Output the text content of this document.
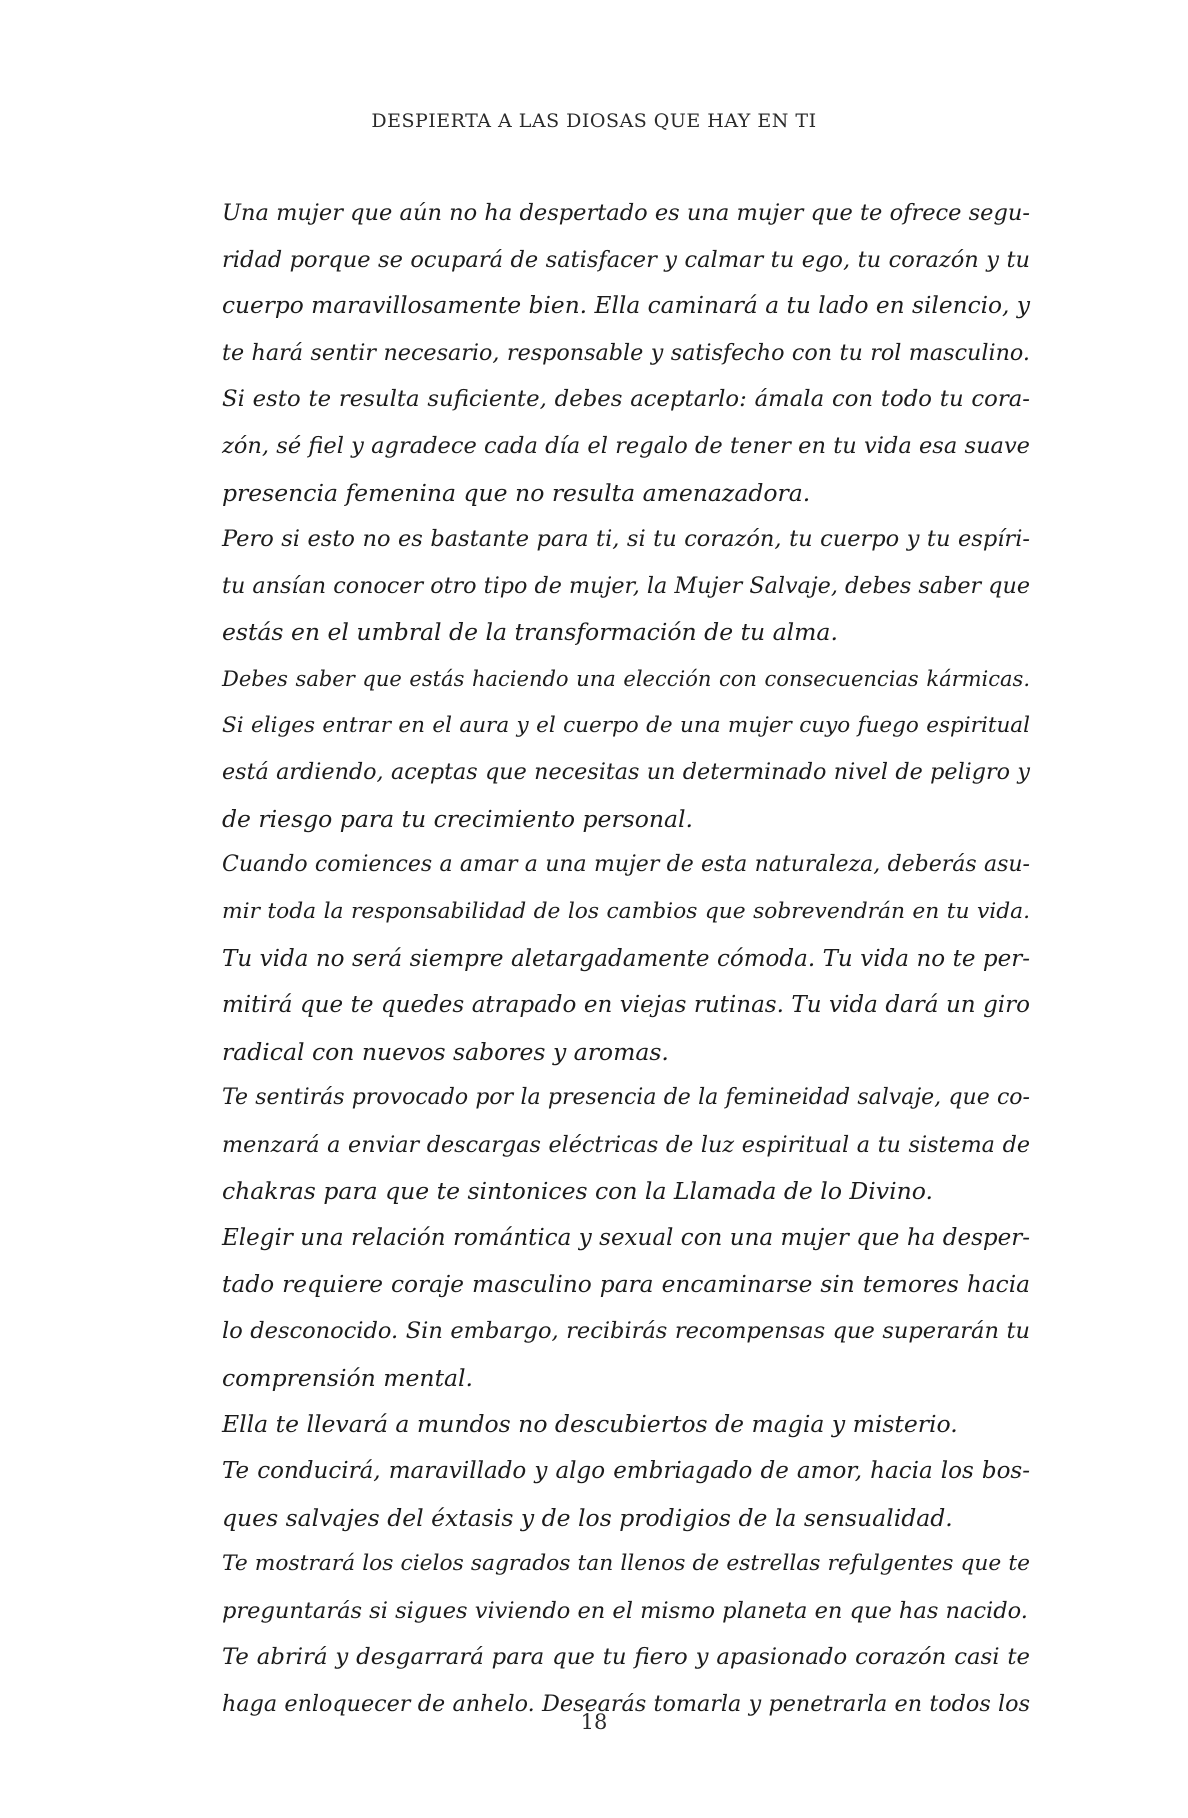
DESPIERTA A LAS DIOSAS QUE HAY EN TI
Una mujer que aún no ha despertado es una mujer que te ofrece segu-
ridad porque se ocupará de satisfacer y calmar tu ego, tu corazón y tu
cuerpo maravillosamente bien. Ella caminará a tu lado en silencio, y
te hará sentir necesario, responsable y satisfecho con tu rol masculino.
Si esto te resulta suficiente, debes aceptarlo: ámala con todo tu cora-
zón, sé fiel y agradece cada día el regalo de tener en tu vida esa suave
presencia femenina que no resulta amenazadora.
Pero si esto no es bastante para ti, si tu corazón, tu cuerpo y tu espíri-
tu ansían conocer otro tipo de mujer, la Mujer Salvaje, debes saber que
estás en el umbral de la transformación de tu alma.
Debes saber que estás haciendo una elección con consecuencias kármicas.
Si eliges entrar en el aura y el cuerpo de una mujer cuyo fuego espiritual
está ardiendo, aceptas que necesitas un determinado nivel de peligro y
de riesgo para tu crecimiento personal.
Cuando comiences a amar a una mujer de esta naturaleza, deberás asu-
mir toda la responsabilidad de los cambios que sobrevendrán en tu vida.
Tu vida no será siempre aletargadamente cómoda. Tu vida no te per-
mitirá que te quedes atrapado en viejas rutinas. Tu vida dará un giro
radical con nuevos sabores y aromas.
Te sentirás provocado por la presencia de la femineidad salvaje, que co-
menzará a enviar descargas eléctricas de luz espiritual a tu sistema de
chakras para que te sintonices con la Llamada de lo Divino.
Elegir una relación romántica y sexual con una mujer que ha desper-
tado requiere coraje masculino para encaminarse sin temores hacia
lo desconocido. Sin embargo, recibirás recompensas que superarán tu
comprensión mental.
Ella te llevará a mundos no descubiertos de magia y misterio.
Te conducirá, maravillado y algo embriagado de amor, hacia los bos-
ques salvajes del éxtasis y de los prodigios de la sensualidad.
Te mostrará los cielos sagrados tan llenos de estrellas refulgentes que te
preguntarás si sigues viviendo en el mismo planeta en que has nacido.
Te abrirá y desgarrará para que tu fiero y apasionado corazón casi te
haga enloquecer de anhelo. Desearás tomarla y penetrarla en todos los
18
